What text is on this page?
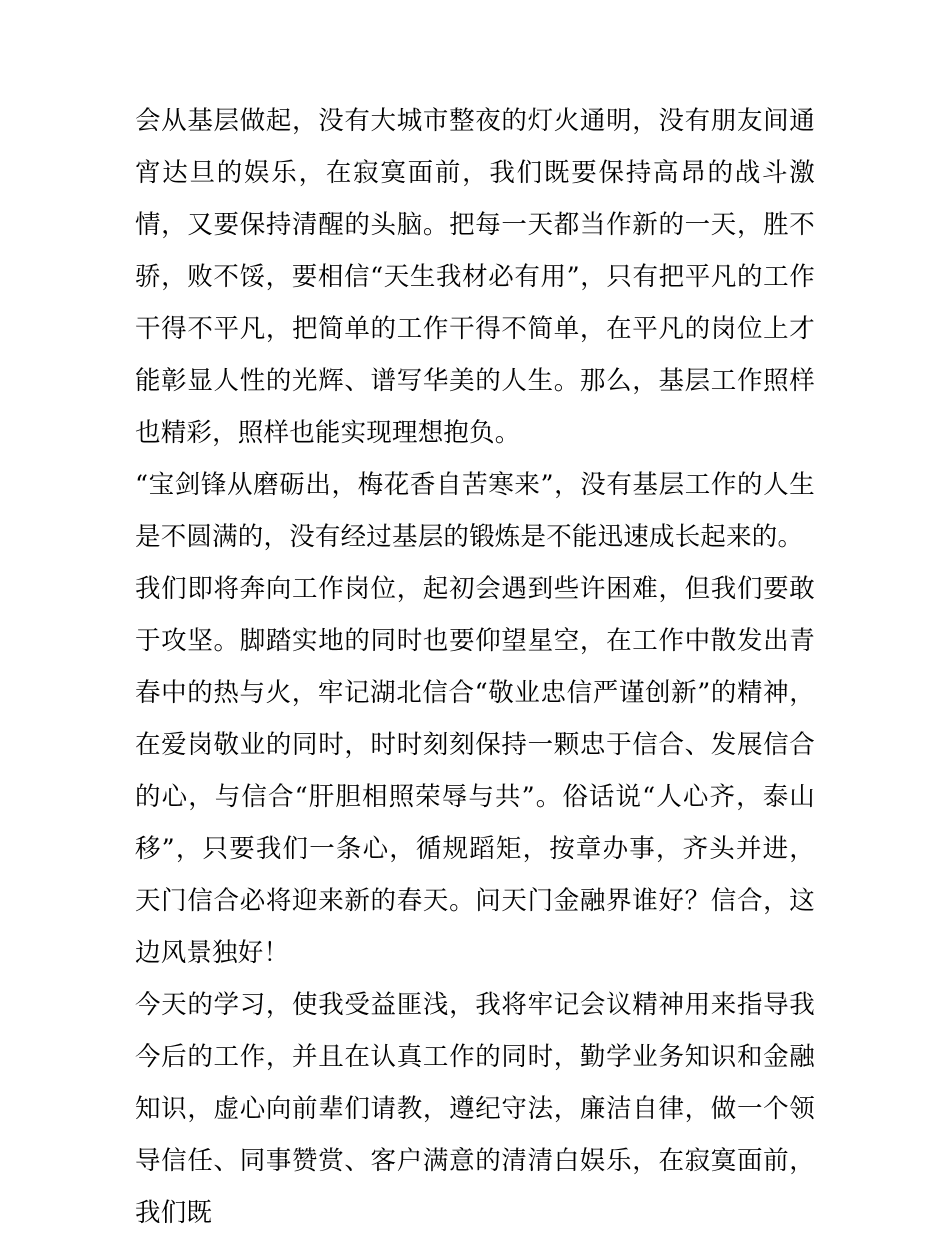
会从基层做起，没有大城市整夜的灯火通明，没有朋友间通宵达旦的娱乐，在寂寞面前，我们既要保持高昂的战斗激情，又要保持清醒的头脑。把每一天都当作新的一天，胜不骄，败不馁，要相信“天生我材必有用”，只有把平凡的工作干得不平凡，把简单的工作干得不简单，在平凡的岗位上才能彰显人性的光辉、谱写华美的人生。那么，基层工作照样也精彩，照样也能实现理想抱负。

“宝剑锋从磨砺出，梅花香自苦寒来”，没有基层工作的人生是不圆满的，没有经过基层的锻炼是不能迅速成长起来的。

我们即将奔向工作岗位，起初会遇到些许困难，但我们要敢于攻坚。脚踏实地的同时也要仰望星空，在工作中散发出青春中的热与火，牢记湖北信合“敬业忠信严谨创新”的精神，在爱岗敬业的同时，时时刻刻保持一颗忠于信合、发展信合的心，与信合“肝胆相照荣辱与共”。俗话说“人心齐，泰山移”，只要我们一条心，循规蹈矩，按章办事，齐头并进，天门信合必将迎来新的春天。问天门金融界谁好？信合，这边风景独好！

今天的学习，使我受益匪浅，我将牢记会议精神用来指导我今后的工作，并且在认真工作的同时，勤学业务知识和金融知识，虚心向前辈们请教，遵纪守法，廉洁自律，做一个领导信任、同事赞赏、客户满意的清清白娱乐，在寂寞面前，我们既
